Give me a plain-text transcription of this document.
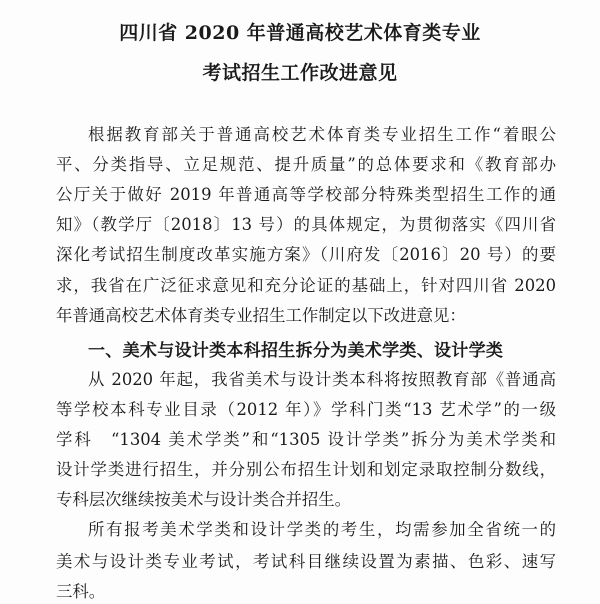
四川省 2020 年普通高校艺术体育类专业
考试招生工作改进意见
根据教育部关于普通高校艺术体育类专业招生工作“着眼公
平、分类指导、立足规范、提升质量”的总体要求和《教育部办
公厅关于做好 2019 年普通高等学校部分特殊类型招生工作的通
知》（教学厅〔2018〕13 号）的具体规定，为贯彻落实《四川省
深化考试招生制度改革实施方案》（川府发〔2016〕20 号）的要
求，我省在广泛征求意见和充分论证的基础上，针对四川省 2020
年普通高校艺术体育类专业招生工作制定以下改进意见：
一、美术与设计类本科招生拆分为美术学类、设计学类
从 2020 年起，我省美术与设计类本科将按照教育部《普通高
等学校本科专业目录（2012 年）》学科门类“13 艺术学”的一级
学科　“1304 美术学类”和“1305 设计学类”拆分为美术学类和
设计学类进行招生，并分别公布招生计划和划定录取控制分数线，
专科层次继续按美术与设计类合并招生。
所有报考美术学类和设计学类的考生，均需参加全省统一的
美术与设计类专业考试，考试科目继续设置为素描、色彩、速写
三科。
